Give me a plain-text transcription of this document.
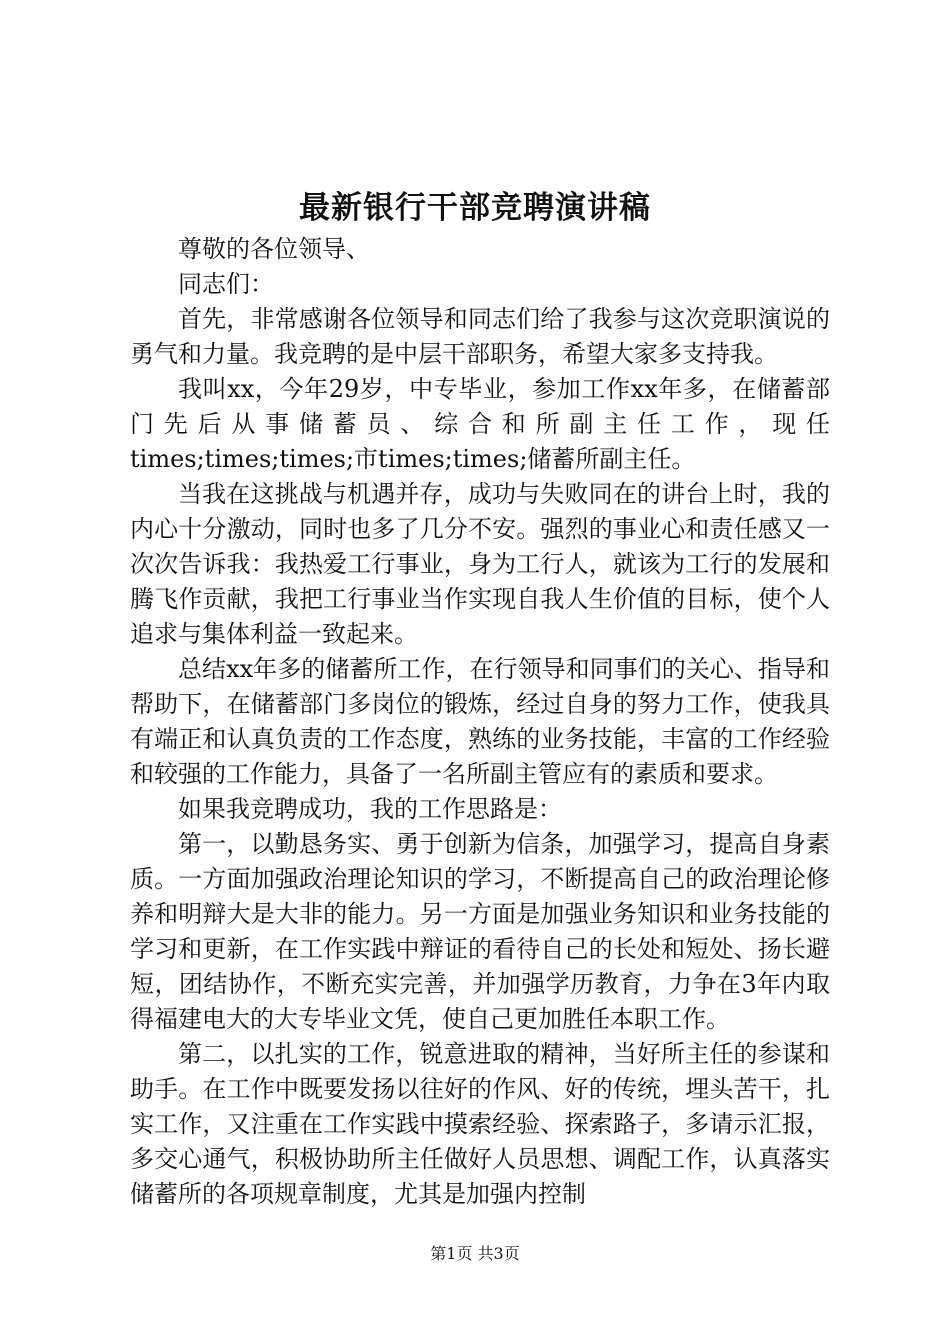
最新银行干部竞聘演讲稿

尊敬的各位领导、

同志们：

首先，非常感谢各位领导和同志们给了我参与这次竞职演说的勇气和力量。我竞聘的是中层干部职务，希望大家多支持我。

我叫xx，今年29岁，中专毕业，参加工作xx年多，在储蓄部门先后从事储蓄员、综合和所副主任工作，现任times;times;times;市times;times;储蓄所副主任。

当我在这挑战与机遇并存，成功与失败同在的讲台上时，我的内心十分激动，同时也多了几分不安。强烈的事业心和责任感又一次次告诉我：我热爱工行事业，身为工行人，就该为工行的发展和腾飞作贡献，我把工行事业当作实现自我人生价值的目标，使个人追求与集体利益一致起来。

总结xx年多的储蓄所工作，在行领导和同事们的关心、指导和帮助下，在储蓄部门多岗位的锻炼，经过自身的努力工作，使我具有端正和认真负责的工作态度，熟练的业务技能，丰富的工作经验和较强的工作能力，具备了一名所副主管应有的素质和要求。

如果我竞聘成功，我的工作思路是：

第一，以勤恳务实、勇于创新为信条，加强学习，提高自身素质。一方面加强政治理论知识的学习，不断提高自己的政治理论修养和明辩大是大非的能力。另一方面是加强业务知识和业务技能的学习和更新，在工作实践中辩证的看待自己的长处和短处、扬长避短，团结协作，不断充实完善，并加强学历教育，力争在3年内取得福建电大的大专毕业文凭，使自己更加胜任本职工作。

第二，以扎实的工作，锐意进取的精神，当好所主任的参谋和助手。在工作中既要发扬以往好的作风、好的传统，埋头苦干，扎实工作，又注重在工作实践中摸索经验、探索路子，多请示汇报，多交心通气，积极协助所主任做好人员思想、调配工作，认真落实储蓄所的各项规章制度，尤其是加强内控制

第1页 共3页
